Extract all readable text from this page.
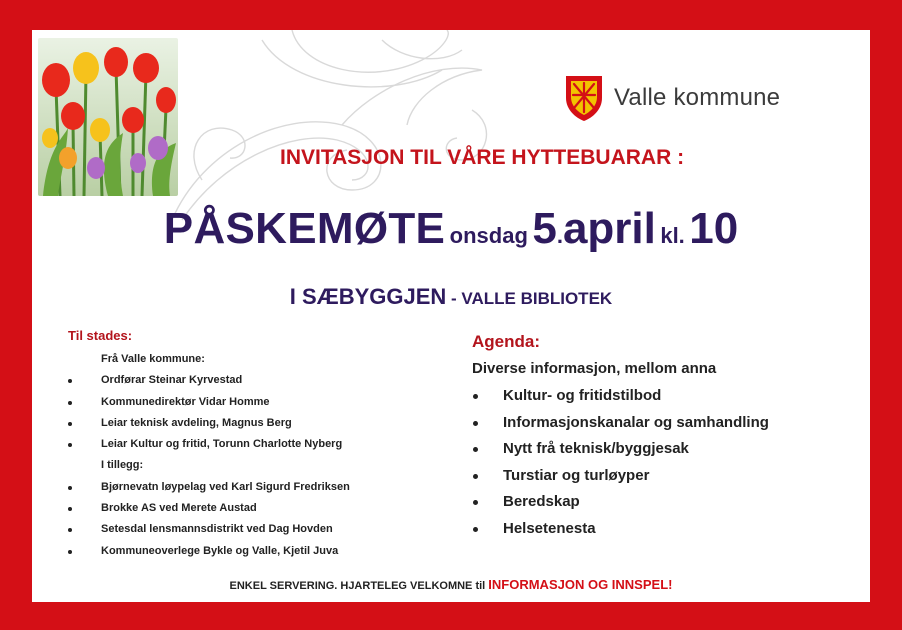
Valle kommune
INVITASJON TIL VÅRE HYTTEBUARAR :
PÅSKEMØTE onsdag 5.april kl. 10
I SÆBYGGJEN - VALLE BIBLIOTEK
Til stades:
Frå Valle kommune:
Ordførar Steinar Kyrvestad
Kommunedirektør Vidar Homme
Leiar teknisk avdeling, Magnus Berg
Leiar Kultur og fritid, Torunn Charlotte Nyberg
I tillegg:
Bjørnevatn løypelag ved Karl Sigurd Fredriksen
Brokke AS ved Merete Austad
Setesdal lensmannsdistrikt ved Dag Hovden
Kommuneoverlege Bykle og Valle, Kjetil Juva
Agenda:
Diverse informasjon, mellom anna
Kultur- og fritidstilbod
Informasjonskanalar og samhandling
Nytt frå teknisk/byggjesak
Turstiar og turløyper
Beredskap
Helsetenesta
ENKEL SERVERING. HJARTELEG VELKOMNE til INFORMASJON OG INNSPEL!
